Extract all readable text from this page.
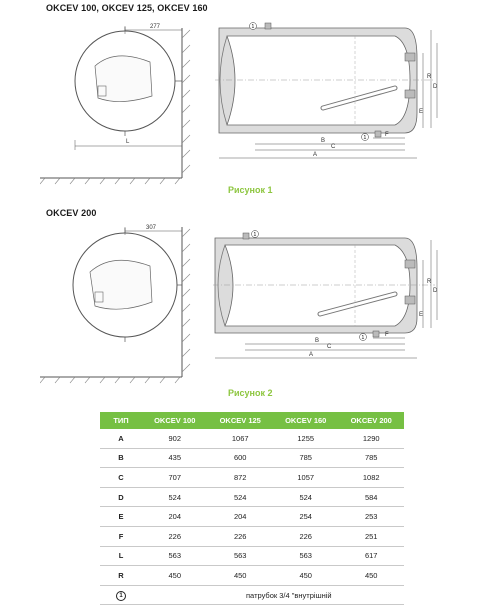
OKCEV 100, OKCEV 125, OKCEV 160
277
L
1
1
B
C
A
F
E
R
D
Рисунок 1
OKCEV 200
307
1
1
B
C
A
F
E
R
D
Рисунок 2
ТИП	OKCEV 100	OKCEV 125	OKCEV 160	OKCEV 200
A	902	1067	1255	1290
B	435	600	785	785
C	707	872	1057	1082
D	524	524	524	584
E	204	204	254	253
F	226	226	226	251
L	563	563	563	617
R	450	450	450	450
1	патрубок 3/4 "внутрішній			
